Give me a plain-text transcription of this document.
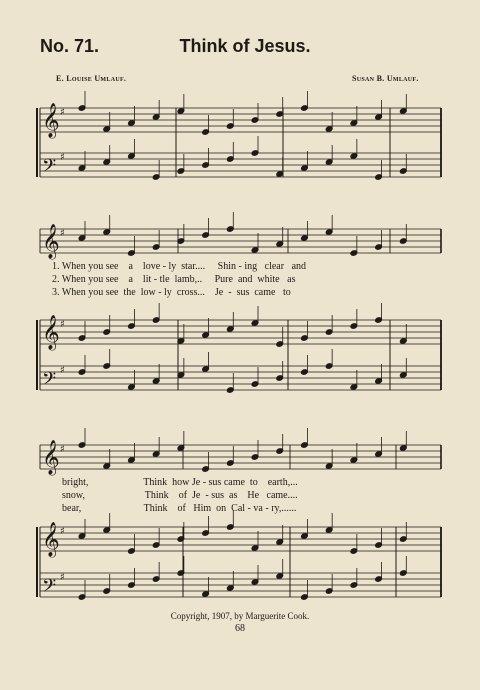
No. 71.	Think of Jesus.
E. Louise Umlauf.	Susan B. Umlauf.
𝄞 ♯
𝄢 ♯
𝄞 ♯
𝄞 ♯
𝄢 ♯
𝄞 ♯
𝄞 ♯
𝄢 ♯
1. When you see a love - ly star.... Shin - ing clear and
2. When you see a lit - tle lamb,.. Pure and white as
3. When you see the low - ly cross... Je - sus came to
bright,	Think how Je - sus came to earth,...
snow,	Think of Je - sus as He came....
bear,	Think of Him on Cal - va - ry,......
Copyright, 1907, by Marguerite Cook.
68
